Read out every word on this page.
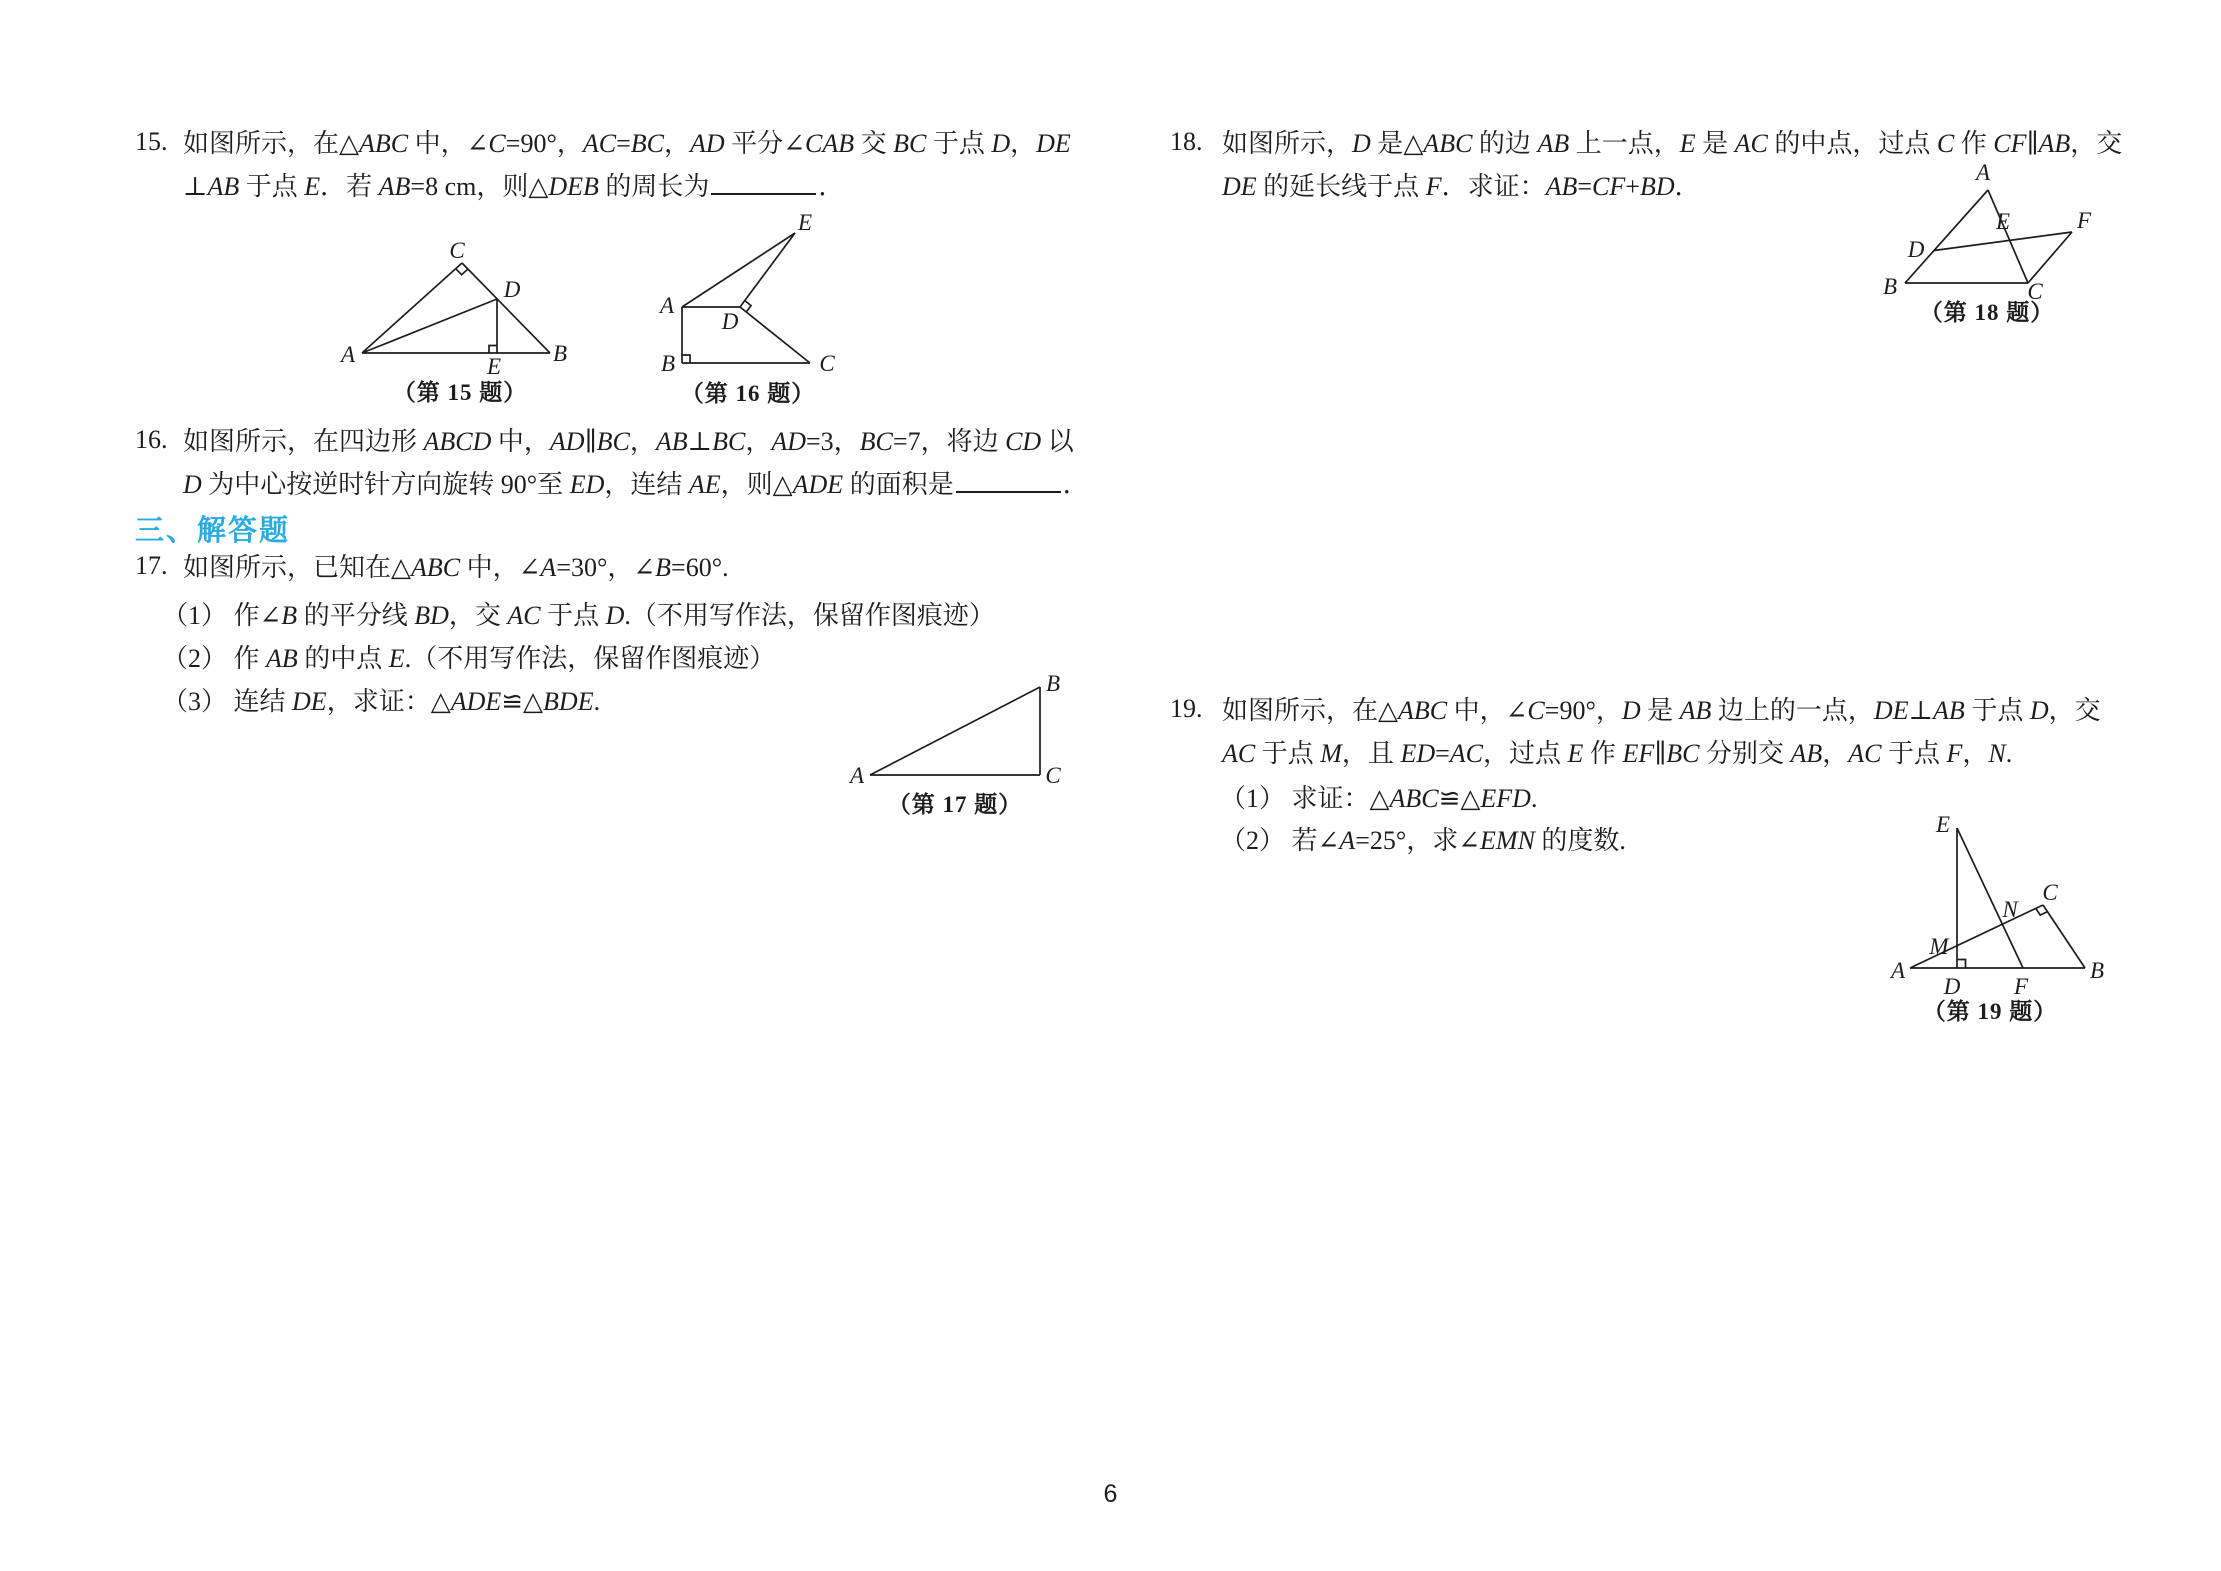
15. 如图所示，在△ABC 中，∠C=90°，AC=BC，AD 平分∠CAB 交 BC 于点 D，DE
⊥AB 于点 E．若 AB=8 cm，则△DEB 的周长为	．
A	B
C
D
E
（第 15 题）
A
B	C
D
E
（第 16 题）
16. 如图所示，在四边形 ABCD 中，AD∥BC，AB⊥BC，AD=3，BC=7，将边 CD 以
D 为中心按逆时针方向旋转 90°至 ED，连结 AE，则△ADE 的面积是	．
三、解答题
17. 如图所示，已知在△ABC 中，∠A=30°，∠B=60°.
（1） 作∠B 的平分线 BD，交 AC 于点 D.（不用写作法，保留作图痕迹）
（2） 作 AB 的中点 E.（不用写作法，保留作图痕迹）
（3） 连结 DE，求证：△ADE≌△BDE.
A
B
C
（第 17 题）
18. 如图所示，D 是△ABC 的边 AB 上一点，E 是 AC 的中点，过点 C 作 CF∥AB，交
DE 的延长线于点 F．求证：AB=CF+BD．	A
B	C
D
E	F
（第 18 题）
19. 如图所示，在△ABC 中，∠C=90°，D 是 AB 边上的一点，DE⊥AB 于点 D，交
AC 于点 M，且 ED=AC，过点 E 作 EF∥BC 分别交 AB，AC 于点 F，N.
（1） 求证：△ABC≌△EFD.
（2） 若∠A=25°，求∠EMN 的度数.
A	B
C
D
E
F
M
N
（第 19 题）
6
